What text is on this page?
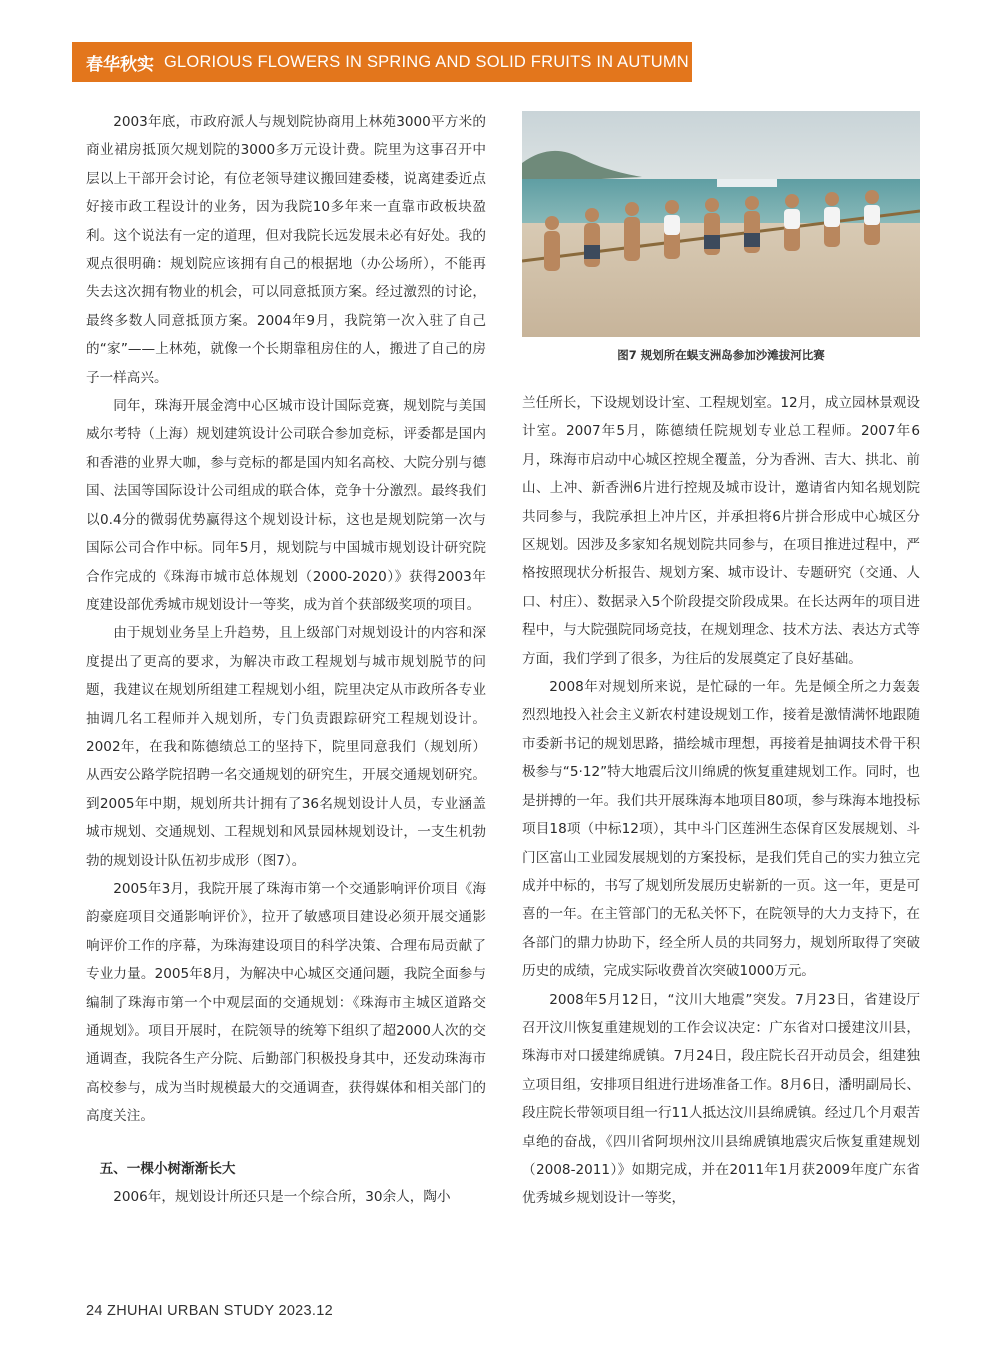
春华秋实 GLORIOUS FLOWERS IN SPRING AND SOLID FRUITS IN AUTUMN

2003年底，市政府派人与规划院协商用上林苑3000平方米的商业裙房抵顶欠规划院的3000多万元设计费。院里为这事召开中层以上干部开会讨论，有位老领导建议搬回建委楼，说离建委近点好接市政工程设计的业务，因为我院10多年来一直靠市政板块盈利。这个说法有一定的道理，但对我院长远发展未必有好处。我的观点很明确：规划院应该拥有自己的根据地（办公场所），不能再失去这次拥有物业的机会，可以同意抵顶方案。经过激烈的讨论，最终多数人同意抵顶方案。2004年9月，我院第一次入驻了自己的“家”——上林苑，就像一个长期靠租房住的人，搬进了自己的房子一样高兴。

同年，珠海开展金湾中心区城市设计国际竞赛，规划院与美国威尔考特（上海）规划建筑设计公司联合参加竞标，评委都是国内和香港的业界大咖，参与竞标的都是国内知名高校、大院分别与德国、法国等国际设计公司组成的联合体，竞争十分激烈。最终我们以0.4分的微弱优势赢得这个规划设计标，这也是规划院第一次与国际公司合作中标。同年5月，规划院与中国城市规划设计研究院合作完成的《珠海市城市总体规划（2000-2020）》获得2003年度建设部优秀城市规划设计一等奖，成为首个获部级奖项的项目。

由于规划业务呈上升趋势，且上级部门对规划设计的内容和深度提出了更高的要求，为解决市政工程规划与城市规划脱节的问题，我建议在规划所组建工程规划小组，院里决定从市政所各专业抽调几名工程师并入规划所，专门负责跟踪研究工程规划设计。2002年，在我和陈德绩总工的坚持下，院里同意我们（规划所）从西安公路学院招聘一名交通规划的研究生，开展交通规划研究。到2005年中期，规划所共计拥有了36名规划设计人员，专业涵盖城市规划、交通规划、工程规划和风景园林规划设计，一支生机勃勃的规划设计队伍初步成形（图7）。

2005年3月，我院开展了珠海市第一个交通影响评价项目《海韵豪庭项目交通影响评价》，拉开了敏感项目建设必须开展交通影响评价工作的序幕，为珠海建设项目的科学决策、合理布局贡献了专业力量。2005年8月，为解决中心城区交通问题，我院全面参与编制了珠海市第一个中观层面的交通规划：《珠海市主城区道路交通规划》。项目开展时，在院领导的统筹下组织了超2000人次的交通调查，我院各生产分院、后勤部门积极投身其中，还发动珠海市高校参与，成为当时规模最大的交通调查，获得媒体和相关部门的高度关注。

五、一棵小树渐渐长大

2006年，规划设计所还只是一个综合所，30余人，陶小

图7 规划所在蜈支洲岛参加沙滩拔河比赛

兰任所长，下设规划设计室、工程规划室。12月，成立园林景观设计室。2007年5月，陈德绩任院规划专业总工程师。2007年6月，珠海市启动中心城区控规全覆盖，分为香洲、吉大、拱北、前山、上冲、新香洲6片进行控规及城市设计，邀请省内知名规划院共同参与，我院承担上冲片区，并承担将6片拼合形成中心城区分区规划。因涉及多家知名规划院共同参与，在项目推进过程中，严格按照现状分析报告、规划方案、城市设计、专题研究（交通、人口、村庄）、数据录入5个阶段提交阶段成果。在长达两年的项目进程中，与大院强院同场竞技，在规划理念、技术方法、表达方式等方面，我们学到了很多，为往后的发展奠定了良好基础。

2008年对规划所来说，是忙碌的一年。先是倾全所之力轰轰烈烈地投入社会主义新农村建设规划工作，接着是激情满怀地跟随市委新书记的规划思路，描绘城市理想，再接着是抽调技术骨干积极参与“5·12”特大地震后汶川绵虒的恢复重建规划工作。同时，也是拼搏的一年。我们共开展珠海本地项目80项，参与珠海本地投标项目18项（中标12项），其中斗门区莲洲生态保育区发展规划、斗门区富山工业园发展规划的方案投标，是我们凭自己的实力独立完成并中标的，书写了规划所发展历史崭新的一页。这一年，更是可喜的一年。在主管部门的无私关怀下，在院领导的大力支持下，在各部门的鼎力协助下，经全所人员的共同努力，规划所取得了突破历史的成绩，完成实际收费首次突破1000万元。

2008年5月12日，“汶川大地震”突发。7月23日，省建设厅召开汶川恢复重建规划的工作会议决定：广东省对口援建汶川县，珠海市对口援建绵虒镇。7月24日，段庄院长召开动员会，组建独立项目组，安排项目组进行进场准备工作。8月6日，潘明副局长、段庄院长带领项目组一行11人抵达汶川县绵虒镇。经过几个月艰苦卓绝的奋战，《四川省阿坝州汶川县绵虒镇地震灾后恢复重建规划（2008-2011）》如期完成，并在2011年1月获2009年度广东省优秀城乡规划设计一等奖，

24 ZHUHAI URBAN STUDY 2023.12
